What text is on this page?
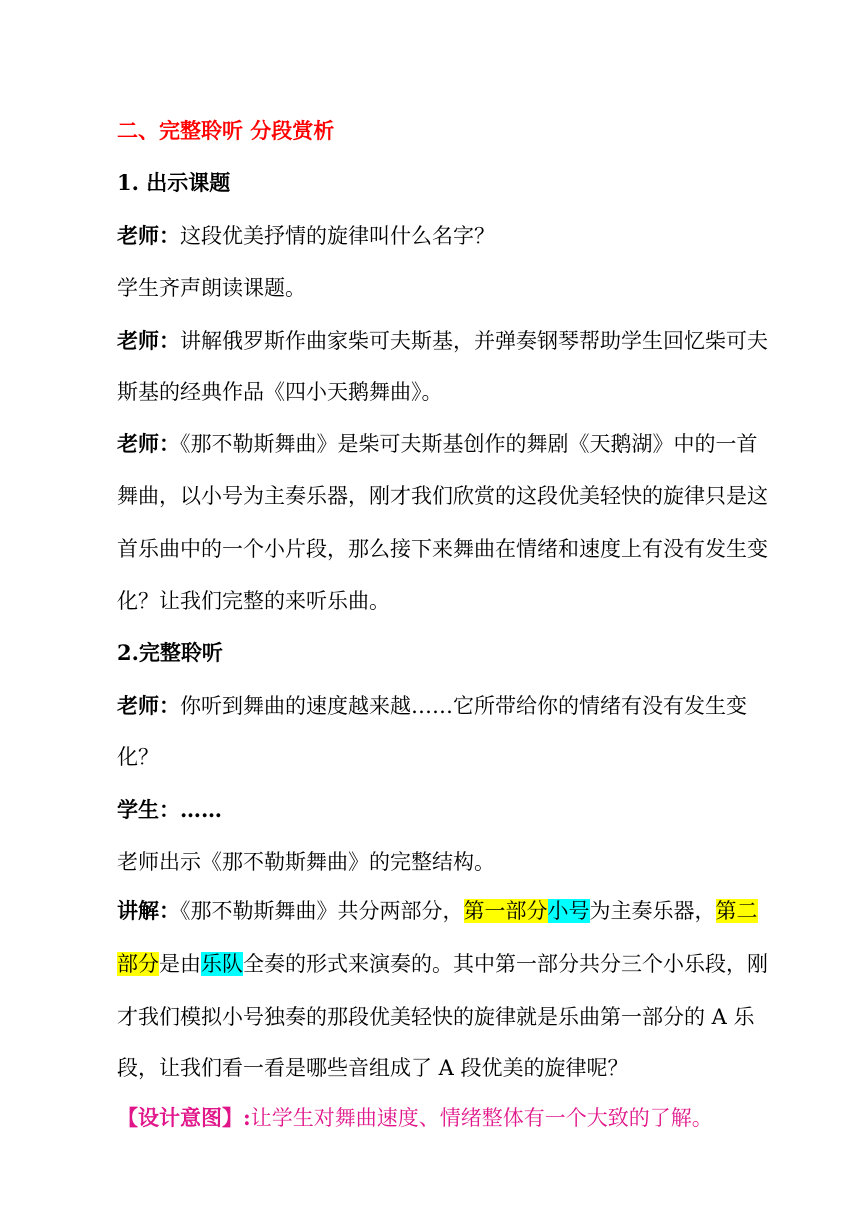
二、完整聆听 分段赏析
1. 出示课题
老师：这段优美抒情的旋律叫什么名字？
学生齐声朗读课题。
老师：讲解俄罗斯作曲家柴可夫斯基，并弹奏钢琴帮助学生回忆柴可夫
斯基的经典作品《四小天鹅舞曲》。
老师：《那不勒斯舞曲》是柴可夫斯基创作的舞剧《天鹅湖》中的一首
舞曲，以小号为主奏乐器，刚才我们欣赏的这段优美轻快的旋律只是这
首乐曲中的一个小片段，那么接下来舞曲在情绪和速度上有没有发生变
化？让我们完整的来听乐曲。
2.完整聆听
老师：你听到舞曲的速度越来越……它所带给你的情绪有没有发生变
化？
学生：……
老师出示《那不勒斯舞曲》的完整结构。
讲解：《那不勒斯舞曲》共分两部分，第一部分小号为主奏乐器，第二
部分是由乐队全奏的形式来演奏的。其中第一部分共分三个小乐段，刚
才我们模拟小号独奏的那段优美轻快的旋律就是乐曲第一部分的 A 乐
段，让我们看一看是哪些音组成了 A 段优美的旋律呢？
【设计意图】:让学生对舞曲速度、情绪整体有一个大致的了解。
